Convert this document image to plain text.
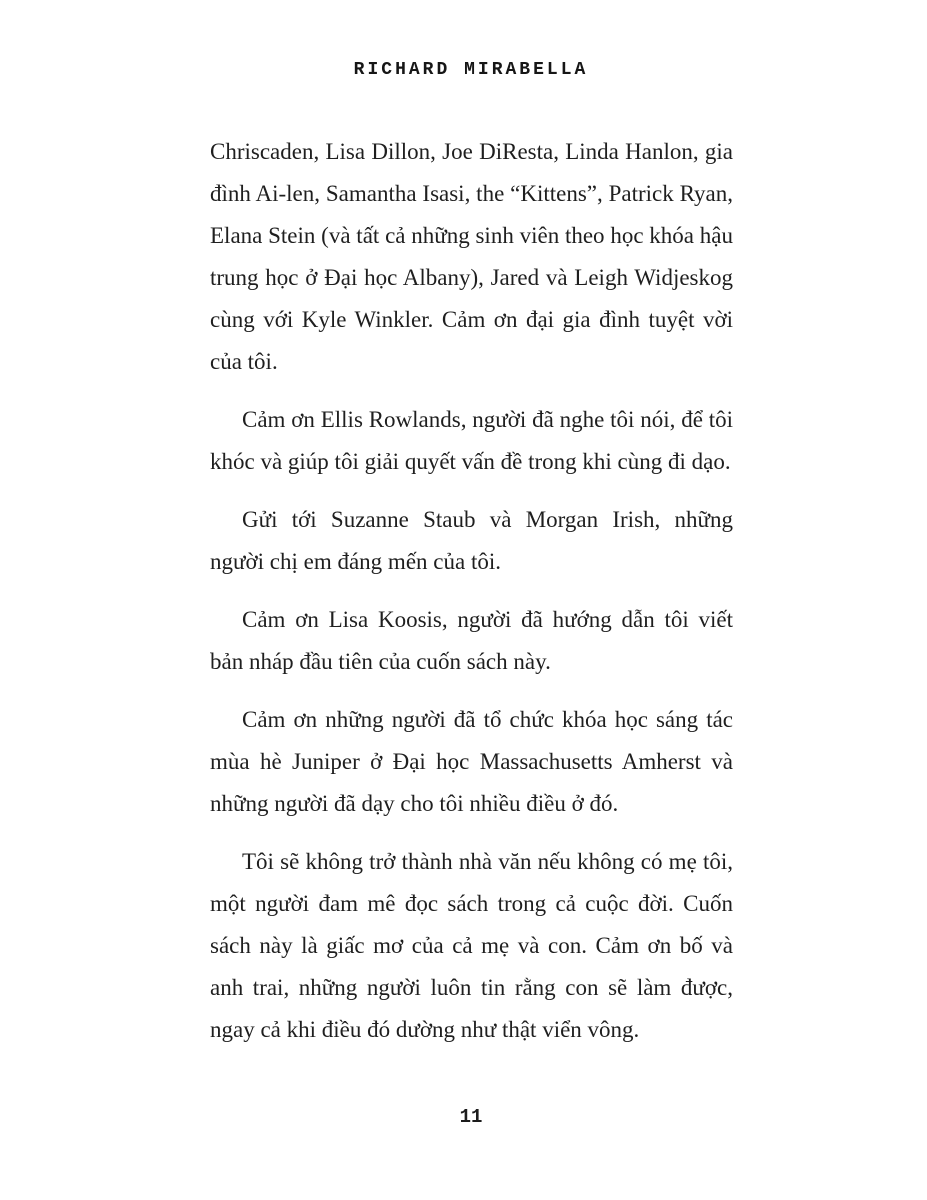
RICHARD MIRABELLA

Chriscaden, Lisa Dillon, Joe DiResta, Linda Hanlon, gia đình Ai-len, Samantha Isasi, the “Kittens”, Patrick Ryan, Elana Stein (và tất cả những sinh viên theo học khóa hậu trung học ở Đại học Albany), Jared và Leigh Widjeskog cùng với Kyle Winkler. Cảm ơn đại gia đình tuyệt vời của tôi.

Cảm ơn Ellis Rowlands, người đã nghe tôi nói, để tôi khóc và giúp tôi giải quyết vấn đề trong khi cùng đi dạo.

Gửi tới Suzanne Staub và Morgan Irish, những người chị em đáng mến của tôi.

Cảm ơn Lisa Koosis, người đã hướng dẫn tôi viết bản nháp đầu tiên của cuốn sách này.

Cảm ơn những người đã tổ chức khóa học sáng tác mùa hè Juniper ở Đại học Massachusetts Amherst và những người đã dạy cho tôi nhiều điều ở đó.

Tôi sẽ không trở thành nhà văn nếu không có mẹ tôi, một người đam mê đọc sách trong cả cuộc đời. Cuốn sách này là giấc mơ của cả mẹ và con. Cảm ơn bố và anh trai, những người luôn tin rằng con sẽ làm được, ngay cả khi điều đó dường như thật viển vông.

11
